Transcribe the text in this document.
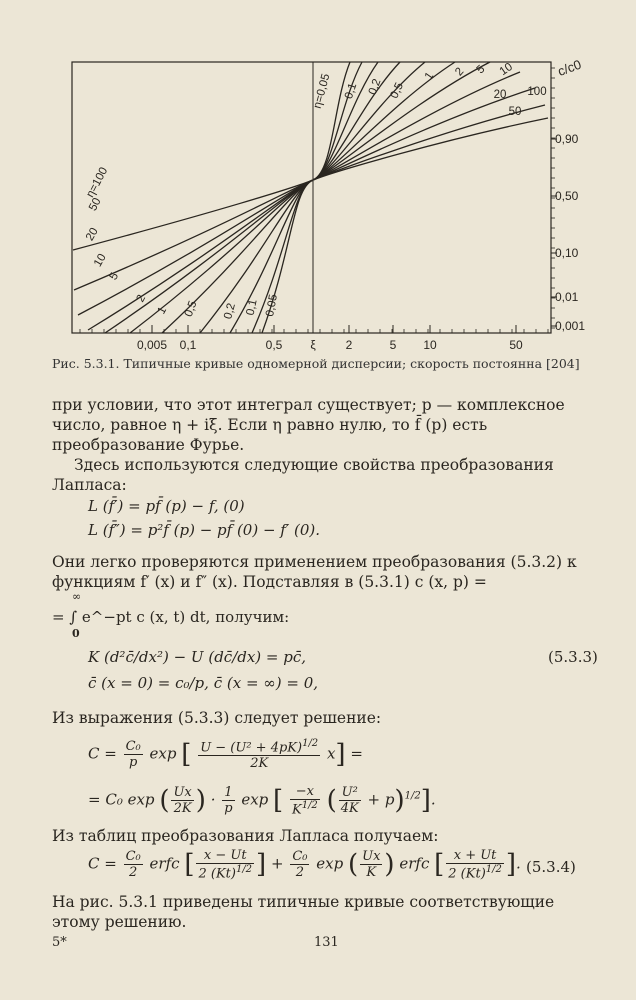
0,005 0,1	0,5 ξ 2	5 10	50
0,90
0,50
0,10
0,01
0,001
c/c0
η=100
50
20
10
5
2
1 0,5 0,2 0,1 0,05
η=0,05 0,1 0,2 0,5
1 2 5 10
20 100
50
Рис. 5.3.1. Типичные кривые одномерной дисперсии; скорость постоянна [204]
при условии, что этот интеграл существует; p — комплексное число, равное η + iξ. Если η равно нулю, то f̄ (p) есть преобразование Фурье.
Здесь используются следующие свойства преобразования Лапласа:
L (f̄′) = pf̄ (p) − f, (0)
L (f̄″) = p²f̄ (p) − pf̄ (0) − f′ (0).
Они легко проверяются применением преобразования (5.3.2) к функциям f′ (x) и f″ (x). Подставляя в (5.3.1) c (x, p) =
= ∫ e^−pt c (x, t) dt, получим:
∞
0
K (d²c̄/dx²) − U (dc̄/dx) = pc̄,	(5.3.3)
c̄ (x = 0) = c₀/p, c̄ (x = ∞) = 0,
Из выражения (5.3.3) следует решение:
$C = \frac{\text{C₀}}{p}$ exp [ $\frac{U - (U^2 + 4pK)^{1/2}}{2K} x$] =
= C₀ exp ( $\frac{Ux}{2K}$ ) · $\frac{1}{p}$ exp [ $\frac{-x}{K^{1/2}}$ ( $\frac{\text{U²}}{4K} + p)^{1/2}$].
Из таблиц преобразования Лапласа получаем:
$C = \frac{\text{C₀}}{2}$ erfc [ $\frac{x - Ut}{2 (Kt)^{1/2}}$ ] + $\frac{\text{C₀}}{2}$ exp ( $\frac{Ux}{K}$ ) erfc [ $\frac{x + Ut}{2 (Kt)^{1/2}}$ ]. (5.3.4)
На рис. 5.3.1 приведены типичные кривые соответствующие этому решению.
5*	131
